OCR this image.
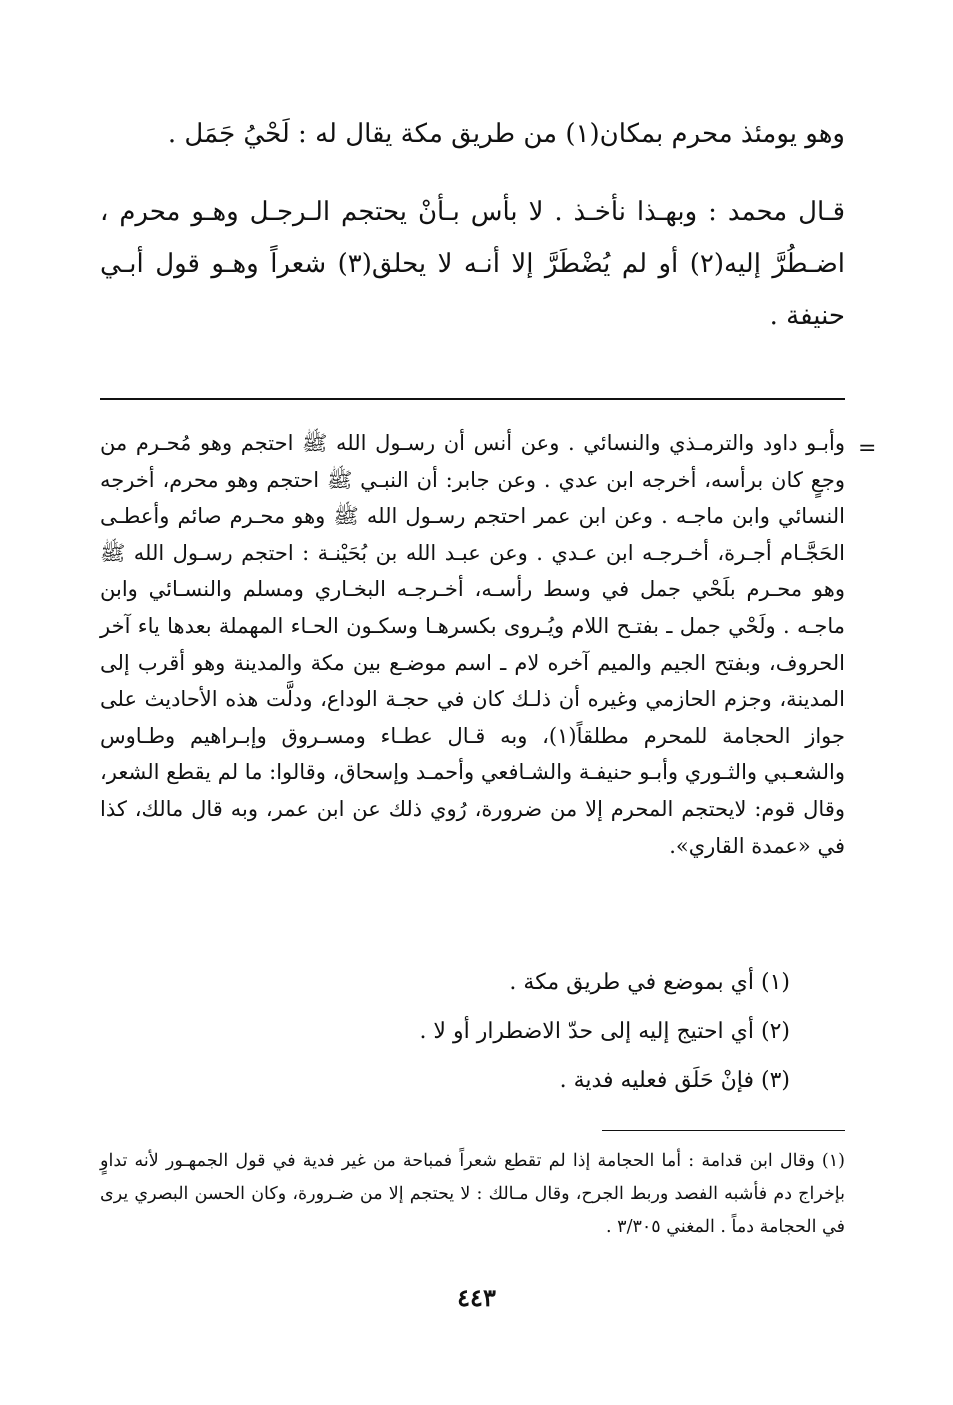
وهو يومئذ محرم بمكان(١) من طريق مكة يقال له : لَحْيُ جَمَل .
قـال محمد : وبهـذا نأخـذ . لا بأس بـأنْ يحتجم الـرجـل وهـو محرم ، اضـطُرَّ إليه(٢) أو لم يُضْطَرَّ إلا أنـه لا يحلق(٣) شعراً وهـو قول أبـي حنيفة .
=
وأبـو داود والترمـذي والنسائي . وعن أنس أن رسـول الله ﷺ احتجم وهو مُحـرم من وجعٍ كان برأسه، أخرجه ابن عدي . وعن جابر: أن النبـي ﷺ احتجم وهو محرم، أخرجه النسائي وابن ماجـه . وعن ابن عمر احتجم رسـول الله ﷺ وهو محـرم صائم وأعطـى الحَجَّـام أجـرة، أخـرجـه ابن عـدي . وعن عبـد الله بن بُحَيْنـة : احتجم رسـول الله ﷺ وهو محـرم بلَحْي جمل في وسط رأسـه، أخـرجـه البخـاري ومسلم والنسـائي وابن ماجـه . ولَحْي جمل ـ بفتـح اللام ويُـروى بكسرهـا وسكـون الحـاء المهملة بعدها ياء آخر الحروف، وبفتح الجيم والميم آخره لام ـ اسم موضـع بين مكة والمدينة وهو أقرب إلى المدينة، وجزم الحازمي وغيره أن ذلـك كان في حجـة الوداع، ودلَّت هذه الأحاديث على جواز الحجامة للمحرم مطلقاً(١)، وبه قـال عطـاء ومسـروق وإبـراهيم وطـاوس والشعـبي والثـوري وأبـو حنيفـة والشـافعي وأحمـد وإسحاق، وقالوا: ما لم يقطع الشعر، وقال قوم: لايحتجم المحرم إلا من ضرورة، رُوي ذلك عن ابن عمر، وبه قال مالك، كذا في «عمدة القاري».
(١) أي بموضع في طريق مكة .
(٢) أي احتيج إليه إلى حدّ الاضطرار أو لا .
(٣) فإنْ حَلَق فعليه فدية .
(١) وقال ابن قدامة : أما الحجامة إذا لم تقطع شعراً فمباحة من غير فدية في قول الجمهـور لأنه تداوٍ بإخراج دم فأشبه الفصد وربط الجرح، وقال مـالك : لا يحتجم إلا من ضـرورة، وكان الحسن البصري يرى في الحجامة دماً . المغني ٣/٣٠٥ .
٤٤٣
